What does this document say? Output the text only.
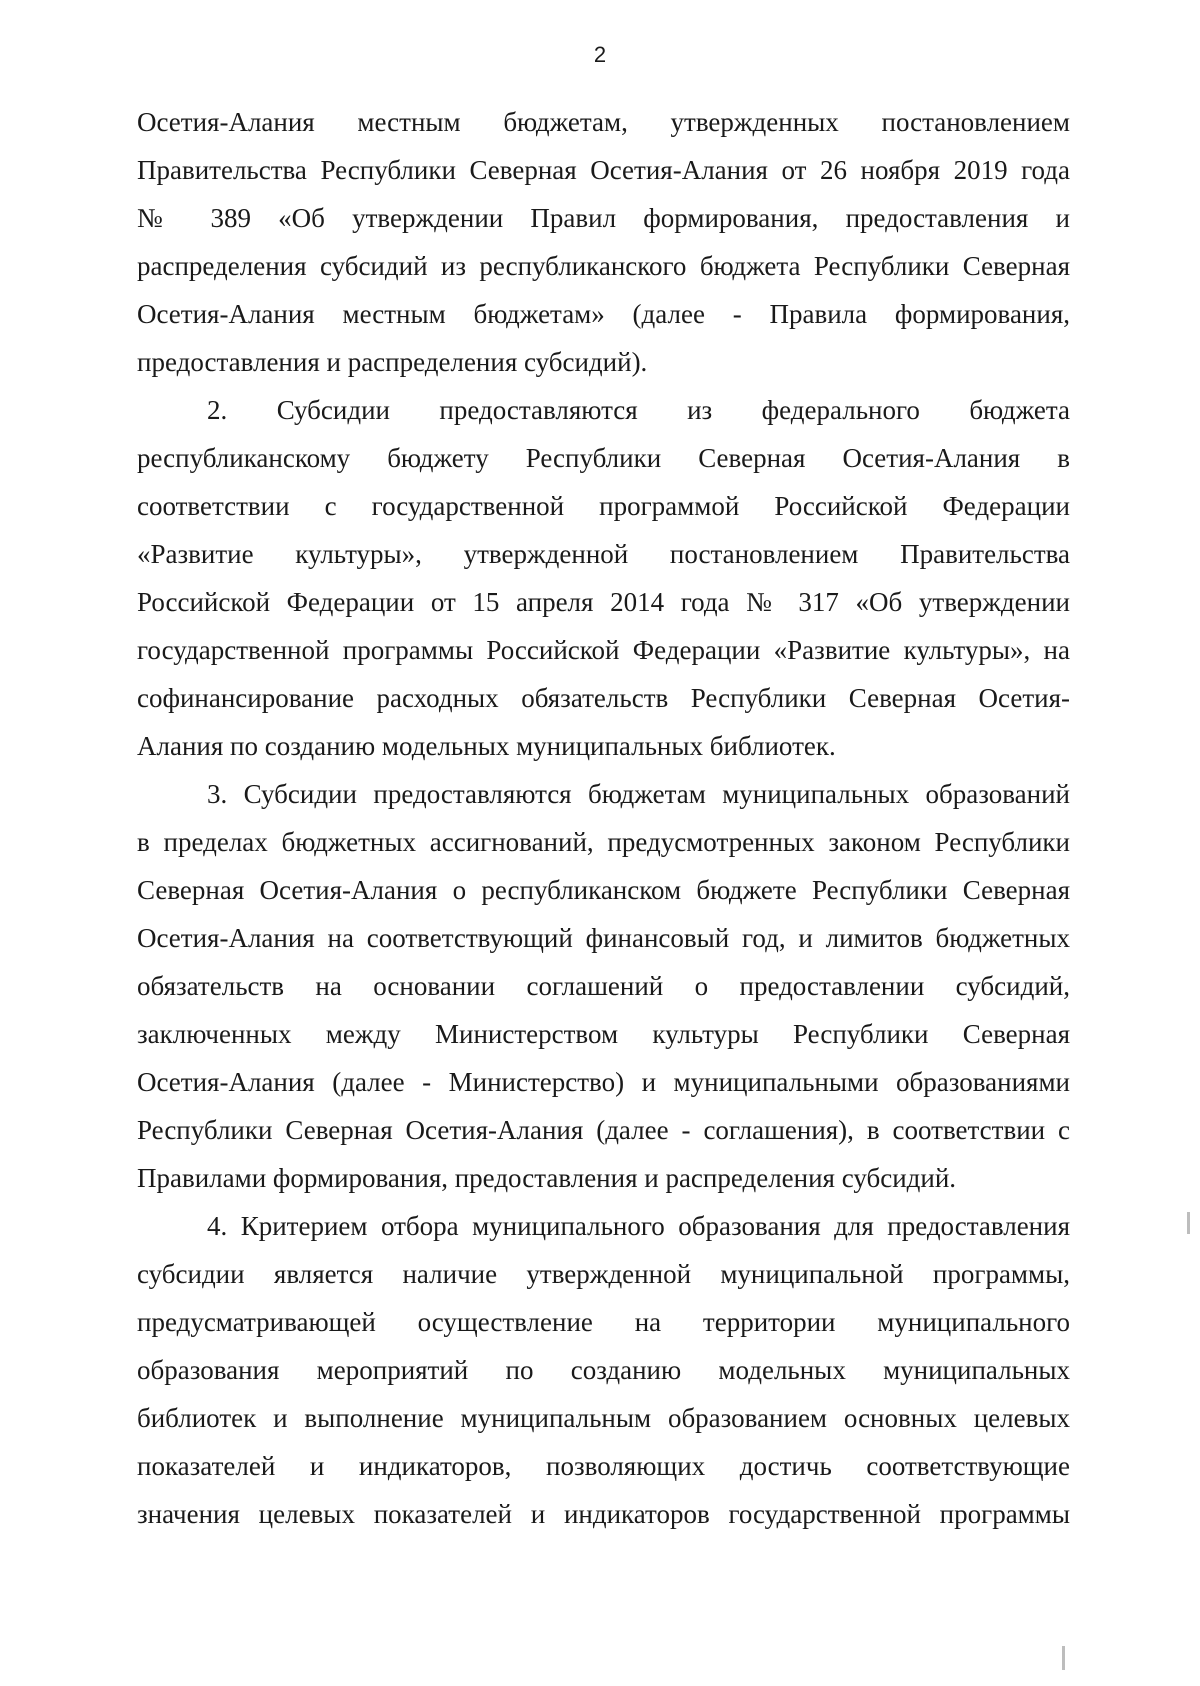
2
Осетия-Алания местным бюджетам, утвержденных постановлением
Правительства Республики Северная Осетия-Алания от 26 ноября 2019 года
№ 389 «Об утверждении Правил формирования, предоставления и
распределения субсидий из республиканского бюджета Республики Северная
Осетия-Алания местным бюджетам» (далее - Правила формирования,
предоставления и распределения субсидий).
2. Субсидии предоставляются из федерального бюджета
республиканскому бюджету Республики Северная Осетия-Алания в
соответствии с государственной программой Российской Федерации
«Развитие культуры», утвержденной постановлением Правительства
Российской Федерации от 15 апреля 2014 года № 317 «Об утверждении
государственной программы Российской Федерации «Развитие культуры», на
софинансирование расходных обязательств Республики Северная Осетия-
Алания по созданию модельных муниципальных библиотек.
3. Субсидии предоставляются бюджетам муниципальных образований
в пределах бюджетных ассигнований, предусмотренных законом Республики
Северная Осетия-Алания о республиканском бюджете Республики Северная
Осетия-Алания на соответствующий финансовый год, и лимитов бюджетных
обязательств на основании соглашений о предоставлении субсидий,
заключенных между Министерством культуры Республики Северная
Осетия-Алания (далее - Министерство) и муниципальными образованиями
Республики Северная Осетия-Алания (далее - соглашения), в соответствии с
Правилами формирования, предоставления и распределения субсидий.
4. Критерием отбора муниципального образования для предоставления
субсидии является наличие утвержденной муниципальной программы,
предусматривающей осуществление на территории муниципального
образования мероприятий по созданию модельных муниципальных
библиотек и выполнение муниципальным образованием основных целевых
показателей и индикаторов, позволяющих достичь соответствующие
значения целевых показателей и индикаторов государственной программы
